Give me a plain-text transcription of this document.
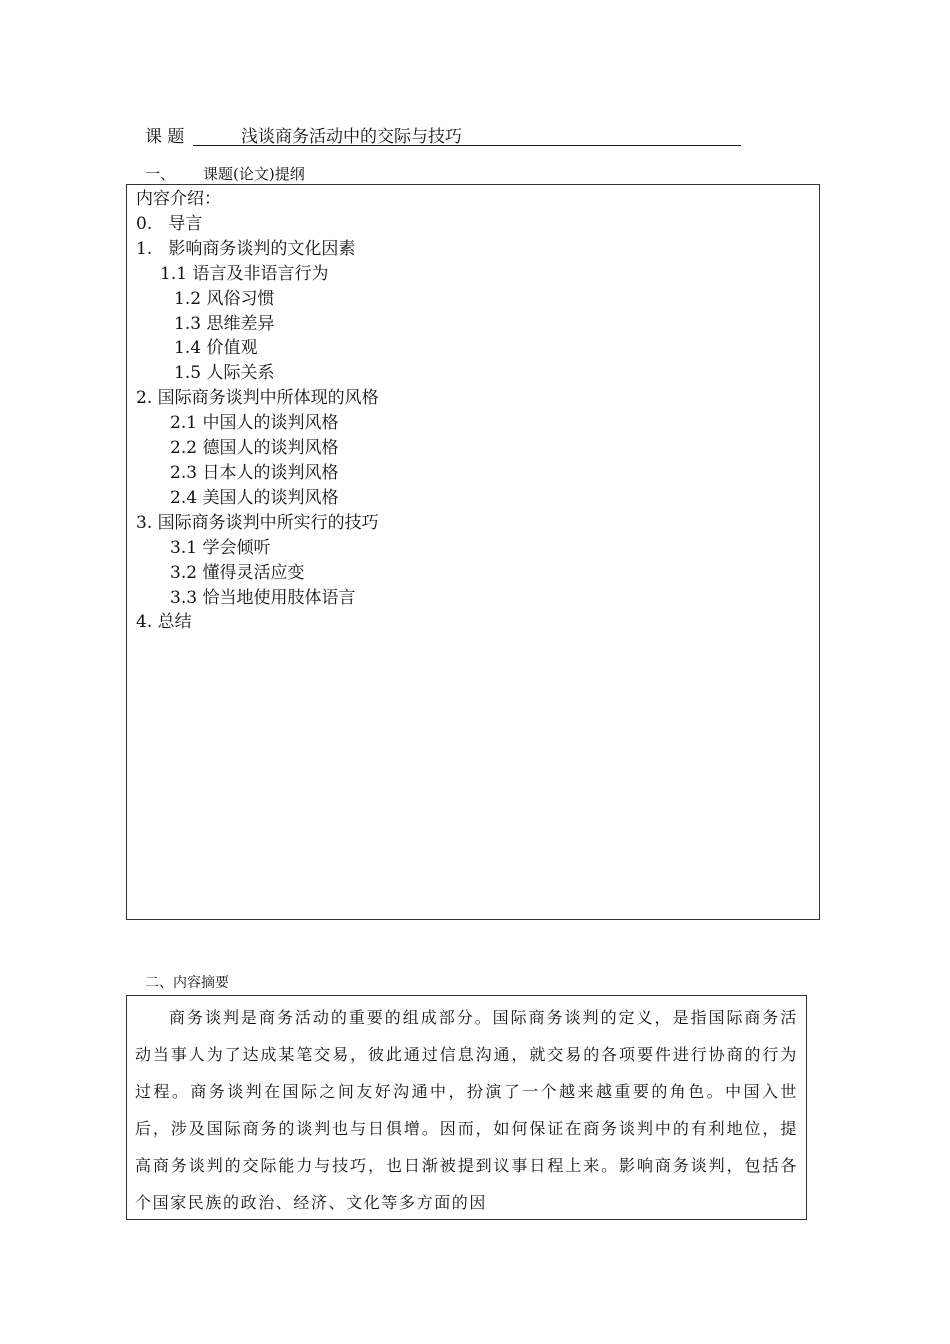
课 题	浅谈商务活动中的交际与技巧
一、 课题(论文)提纲
内容介绍：
0.   导言
1.   影响商务谈判的文化因素
1.1 语言及非语言行为
1.2 风俗习惯
1.3 思维差异
1.4 价值观
1.5 人际关系
2. 国际商务谈判中所体现的风格
2.1 中国人的谈判风格
2.2 德国人的谈判风格
2.3 日本人的谈判风格
2.4 美国人的谈判风格
3. 国际商务谈判中所实行的技巧
3.1 学会倾听
3.2 懂得灵活应变
3.3 恰当地使用肢体语言
4. 总结
二、内容摘要

商务谈判是商务活动的重要的组成部分。国际商务谈判的定义，是指国际商务活动当事人为了达成某笔交易，彼此通过信息沟通，就交易的各项要件进行协商的行为过程。商务谈判在国际之间友好沟通中，扮演了一个越来越重要的角色。中国入世后，涉及国际商务的谈判也与日俱增。因而，如何保证在商务谈判中的有利地位，提高商务谈判的交际能力与技巧，也日渐被提到议事日程上来。影响商务谈判，包括各个国家民族的政治、经济、文化等多方面的因
